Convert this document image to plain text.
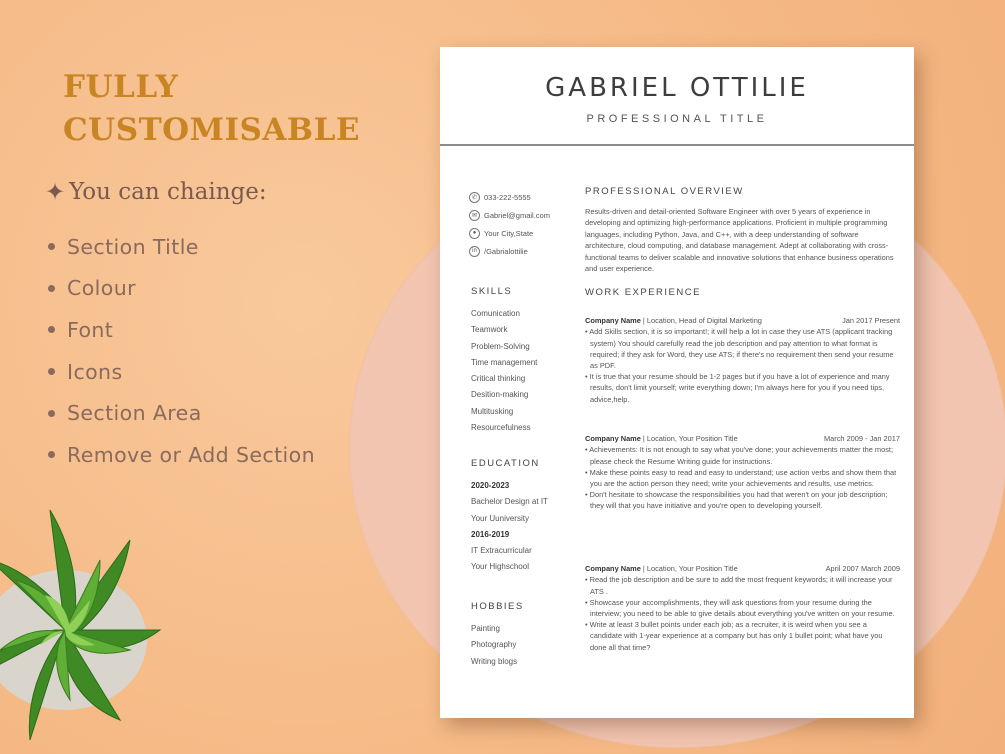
FULLY CUSTOMISABLE
✦ You can chainge:
Section Title
Colour
Font
Icons
Section Area
Remove or Add Section
GABRIEL OTTILIE
PROFESSIONAL TITLE
✆ 033-222-5555
✉ Gabriel@gmail.com
●	Your City,State
in /Gabrialottilie
SKILLS
Comunication
Teamwork
Problem-Solving
Time management
Critical thinking
Desition-making
Multitusking
Resourcefulness
EDUCATION
2020-2023
Bachelor Design at IT
Your Uuniversity
2016-2019
IT Extracurricular
Your Highschool
HOBBIES
Painting
Photography
Writing blogs
PROFESSIONAL OVERVIEW

Results-driven and detail-oriented Software Engineer with over 5 years of experience in developing and optimizing high-performance applications. Proficient in multiple programming languages, including Python, Java, and C++, with a deep understanding of software architecture, cloud computing, and database management. Adept at collaborating with cross-functional teams to deliver scalable and innovative solutions that enhance business operations and user experience.

WORK EXPERIENCE
Company Name | Location, Head of Digital Marketing	Jan 2017 Present
• Add Skills section, it is so important!; it will help a lot in case they use ATS (applicant tracking system) You should carefully read the job description and pay attention to what format is required; if they ask for Word, they use ATS; if there's no requirement then send your resume as PDF.
• It is true that your resume should be 1-2 pages but if you have a lot of experience and many results, don't limit yourself; write everything down; I'm always here for you if you need tips, advice,help.
Company Name | Location, Your Position Title	March 2009 - Jan 2017
• Achievements: It is not enough to say what you've done; your achievements matter the most; please check the Resume Writing guide for instructions.
• Make these points easy to read and easy to understand; use action verbs and show them that you are the action person they need; write your achievements and results, use metrics.
• Don't hesitate to showcase the responsibilities you had that weren't on your job description; they will that you have initiative and you're open to developing yourself.
Company Name | Location, Your Position Title	April 2007 March 2009
• Read the job description and be sure to add the most frequent keywords; it will increase your ATS .
• Showcase your accomplishments, they will ask questions from your resume during the interview; you need to be able to give details about everything you've written on your resume.
• Write at least 3 bullet points under each job; as a recruiter, it is weird when you see a candidate with 1-year experience at a company but has only 1 bullet point; what have you done all that time?
